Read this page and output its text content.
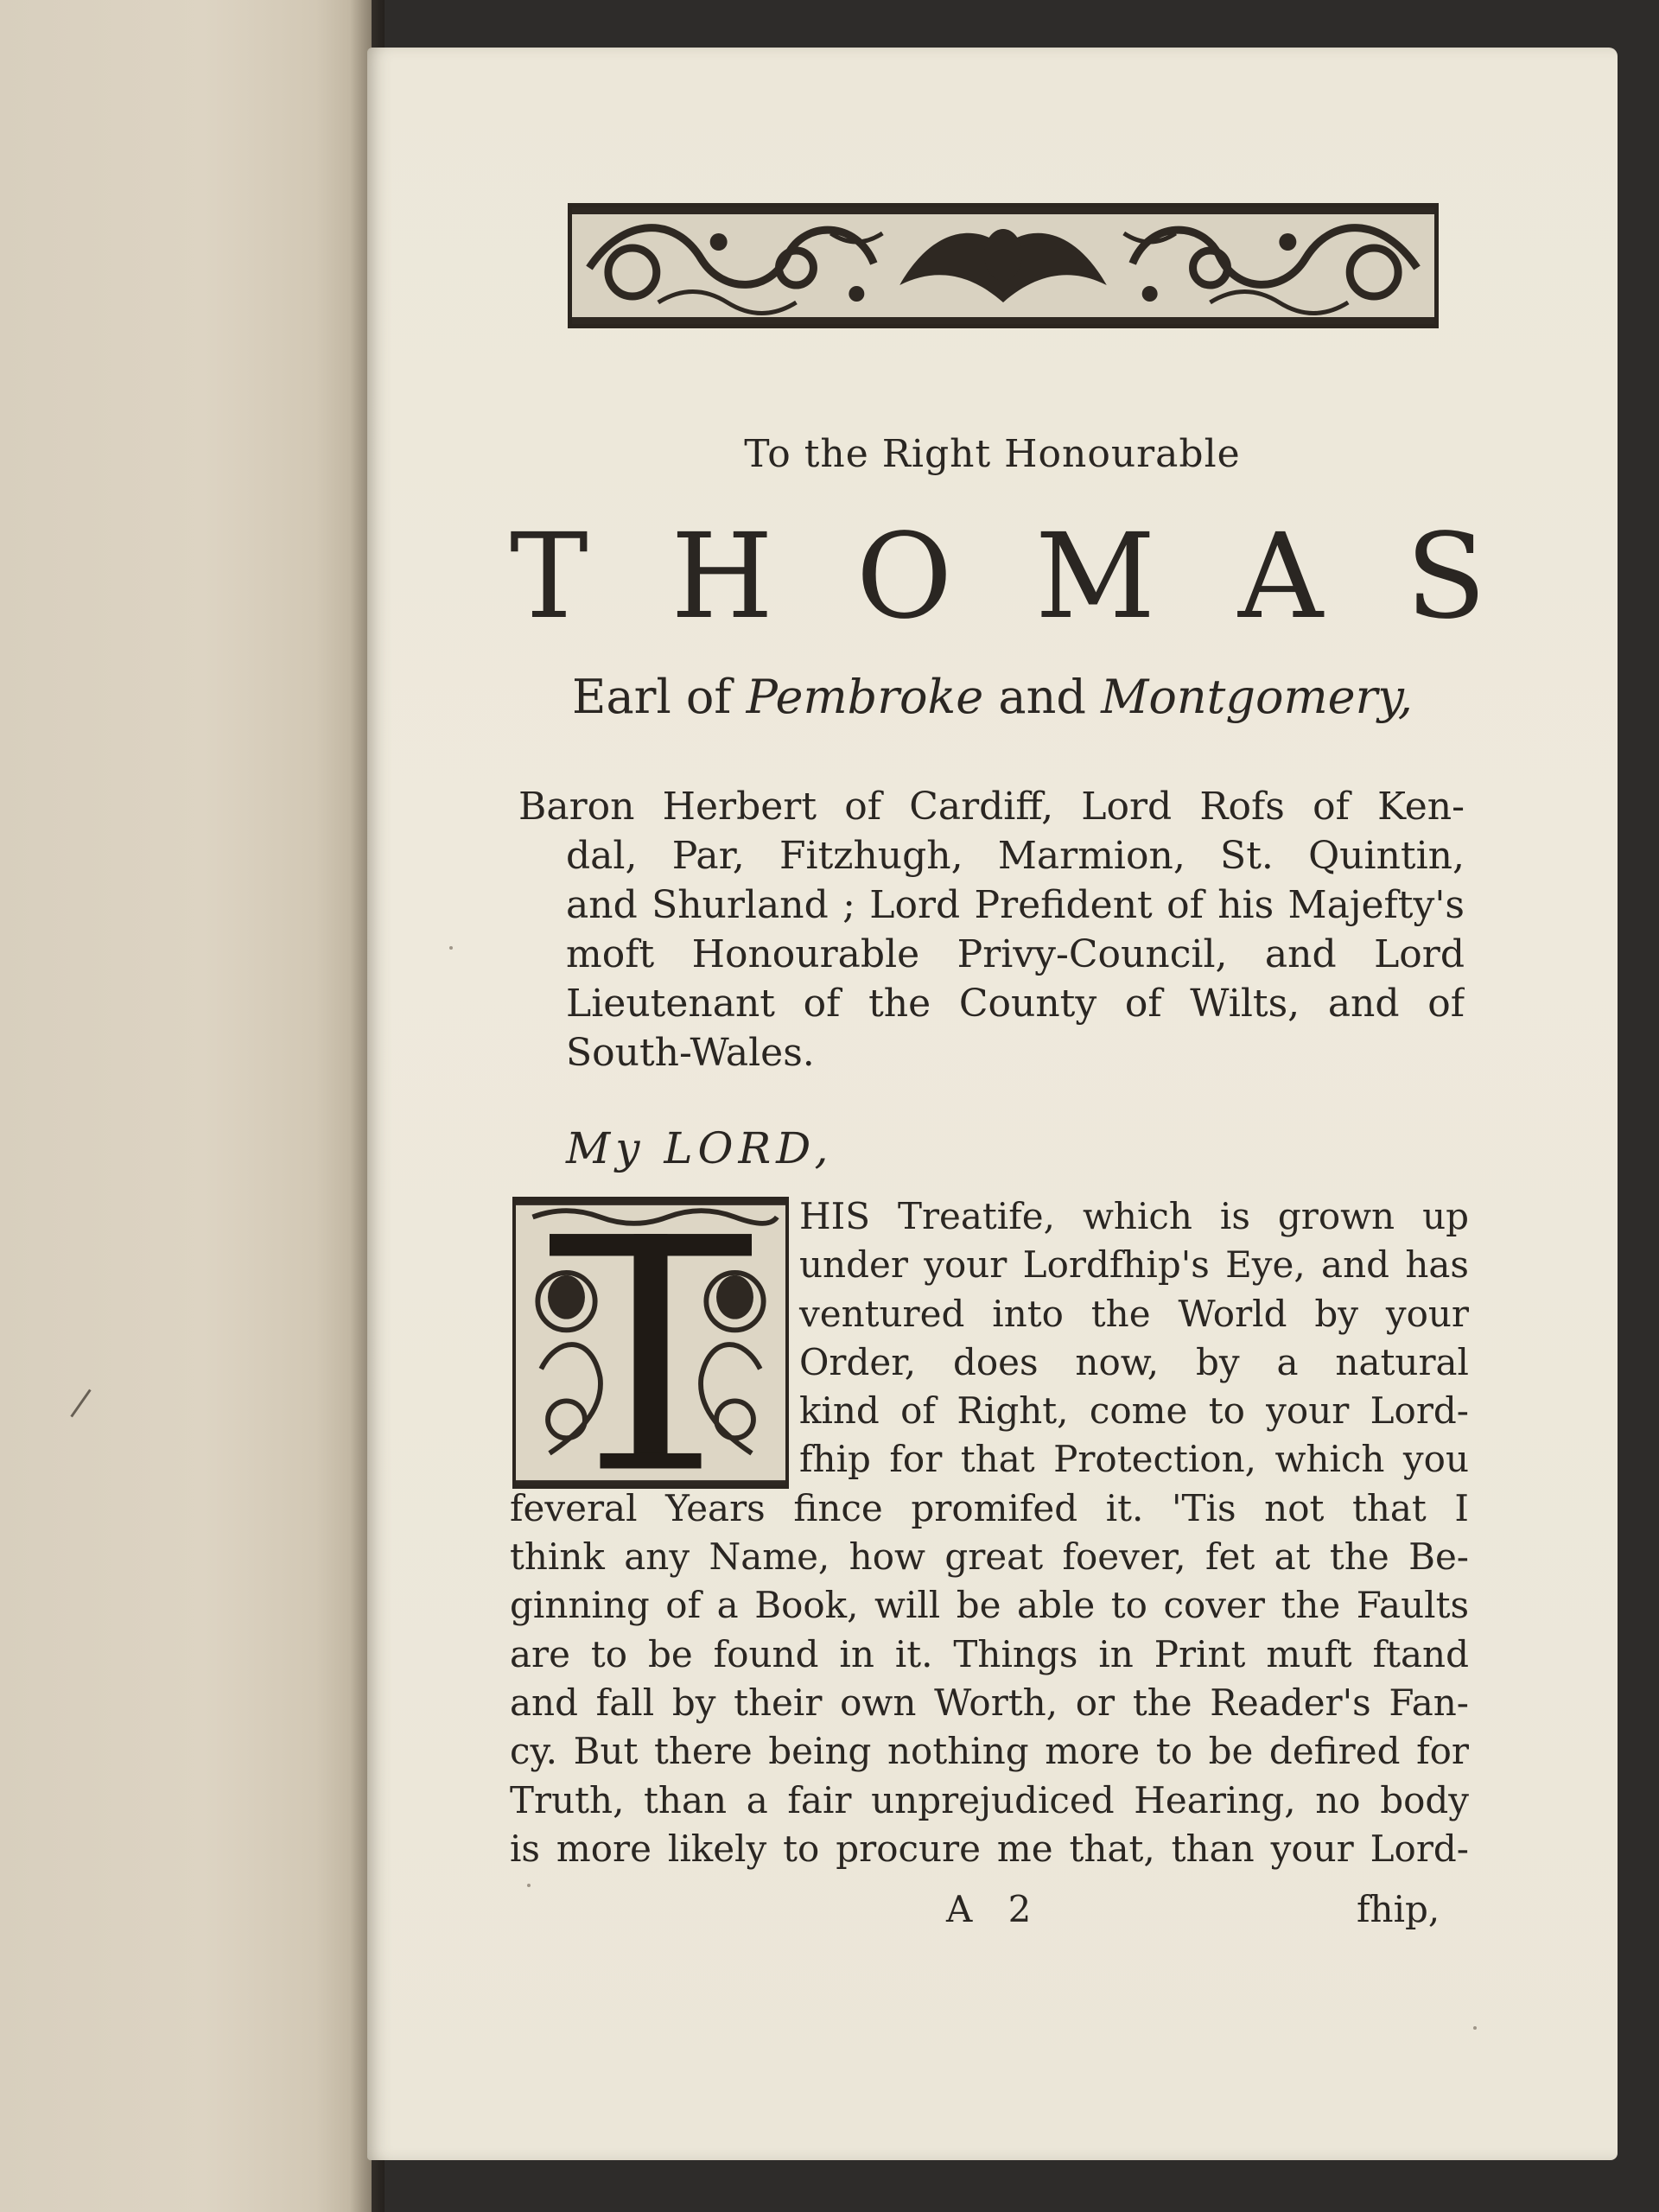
To the Right Honourable
T H O M A S
Earl of Pembroke and Montgomery,
Baron Herbert of Cardiff, Lord Rofs of Ken-
dal, Par, Fitzhugh, Marmion, St. Quintin,
and Shurland ; Lord Prefident of his Majefty's
moft Honourable Privy-Council, and Lord
Lieutenant of the County of Wilts, and of
South-Wales.
My LORD,
HIS Treatife, which is grown up
under your Lordfhip's Eye, and has
ventured into the World by your
Order, does now, by a natural
kind of Right, come to your Lord-
fhip for that Protection, which you
feveral Years fince promifed it. 'Tis not that I
think any Name, how great foever, fet at the Be-
ginning of a Book, will be able to cover the Faults
are to be found in it. Things in Print muft ftand
and fall by their own Worth, or the Reader's Fan-
cy. But there being nothing more to be defired for
Truth, than a fair unprejudiced Hearing, no body
is more likely to procure me that, than your Lord-
A 2	fhip,
